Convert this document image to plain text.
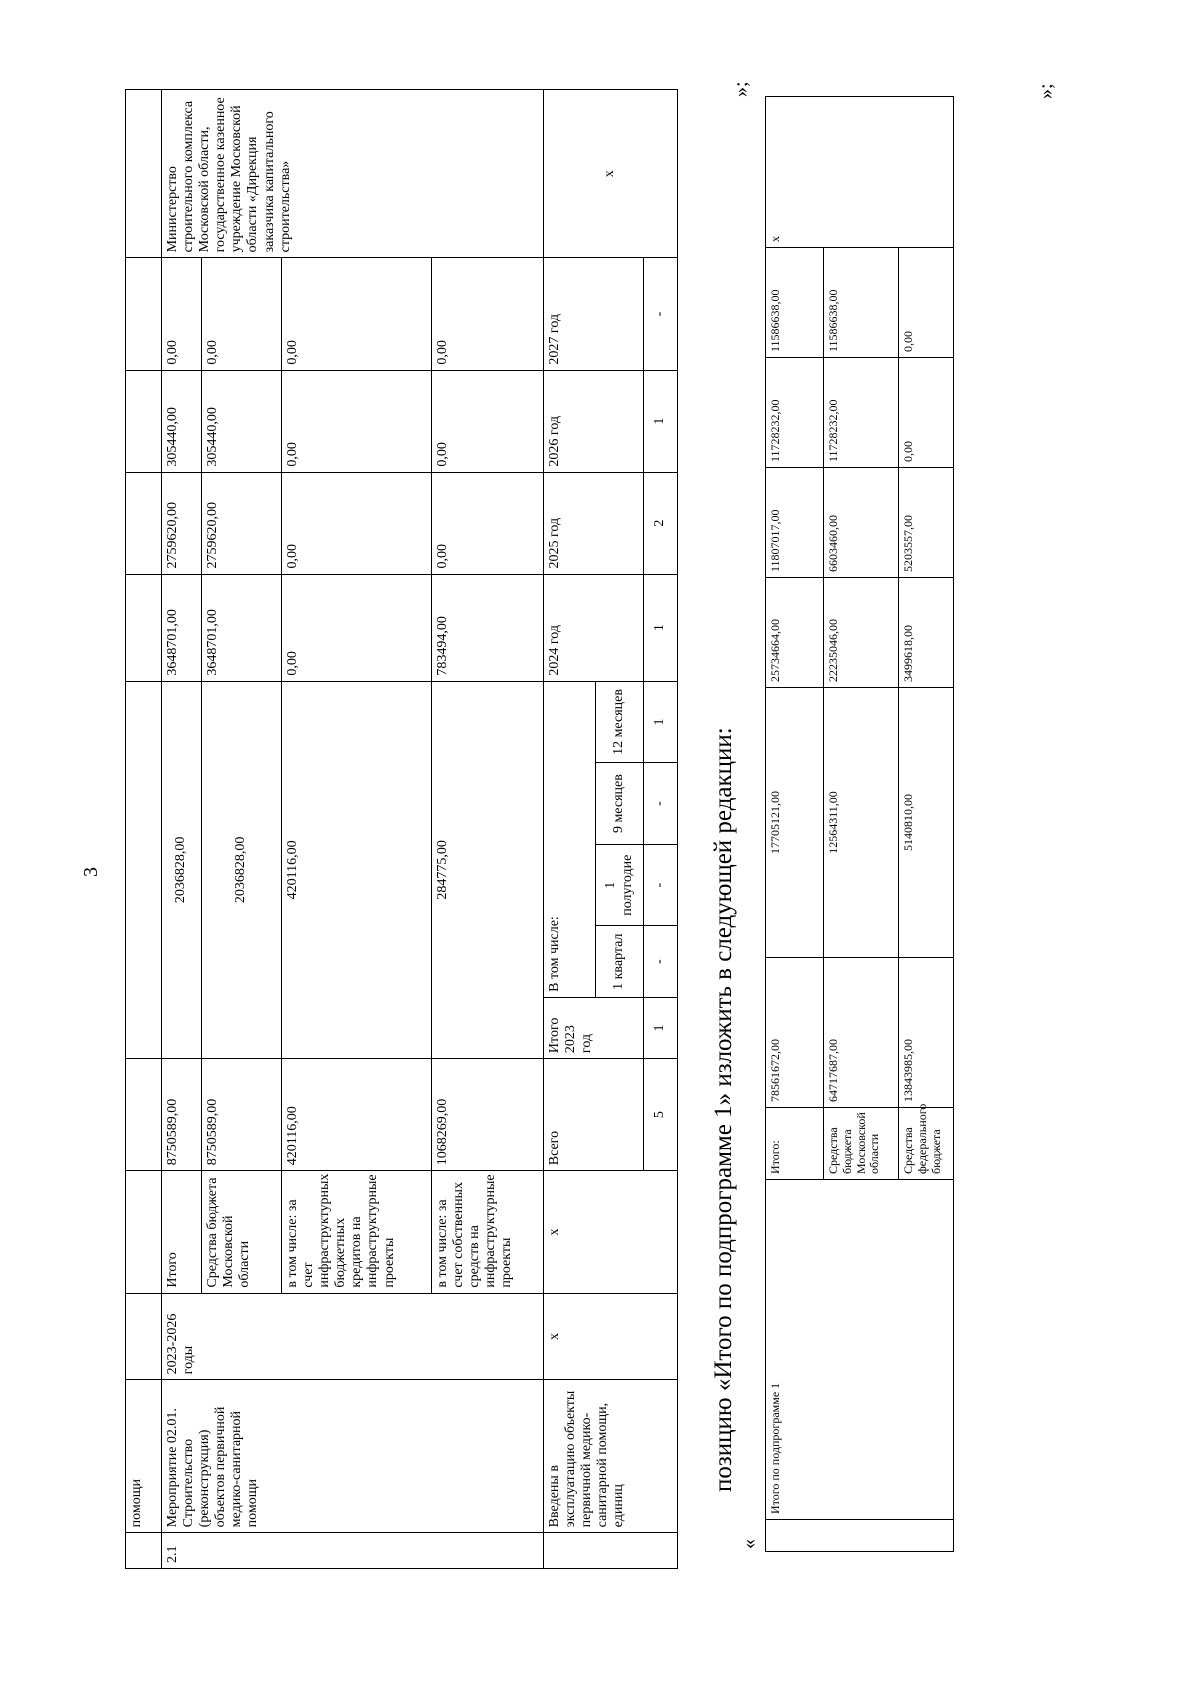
3
	помощи													
2.1	Мероприятие 02.01. Строительство (реконструкция) объектов первичной медико-санитарной помощи	2023-2026 годы	Итого	8750589,00	2036828,00					3648701,00	2759620,00	305440,00	0,00	Министерство строительного комплекса Московской области, государственное казенное учреждение Московской области «Дирекция заказчика капитального строительства»
			Средства бюджета Московской области	8750589,00	2036828,00					3648701,00	2759620,00	305440,00	0,00	
			в том числе: за счет инфраструктурных бюджетных кредитов на инфраструктурные проекты	420116,00	420116,00					0,00	0,00	0,00	0,00	
			в том числе: за счет собственных средств на инфраструктурные проекты	1068269,00	284775,00					783494,00	0,00	0,00	0,00	
	Введены в эксплуатацию объекты первичной медико-санитарной помощи, единиц	х	х	Всего	Итого 2023 год	В том числе:				2024 год	2025 год	2026 год	2027 год	х
						1 квартал	1 полугодие	9 месяцев	12 месяцев					
				5	1	-	-	-	1	1	2	1	-	
»;
позицию «Итого по подпрограмме 1» изложить в следующей редакции:
«
	Итого по подпрограмме 1	Итого:	78561672,00	17705121,00	25734664,00	11807017,00	11728232,00	11586638,00	х
		Средства бюджета Московской области	64717687,00	12564311,00	22235046,00	6603460,00	11728232,00	11586638,00	
		Средства федерального бюджета	13843985,00	5140810,00	3499618,00	5203557,00	0,00	0,00	
»;
